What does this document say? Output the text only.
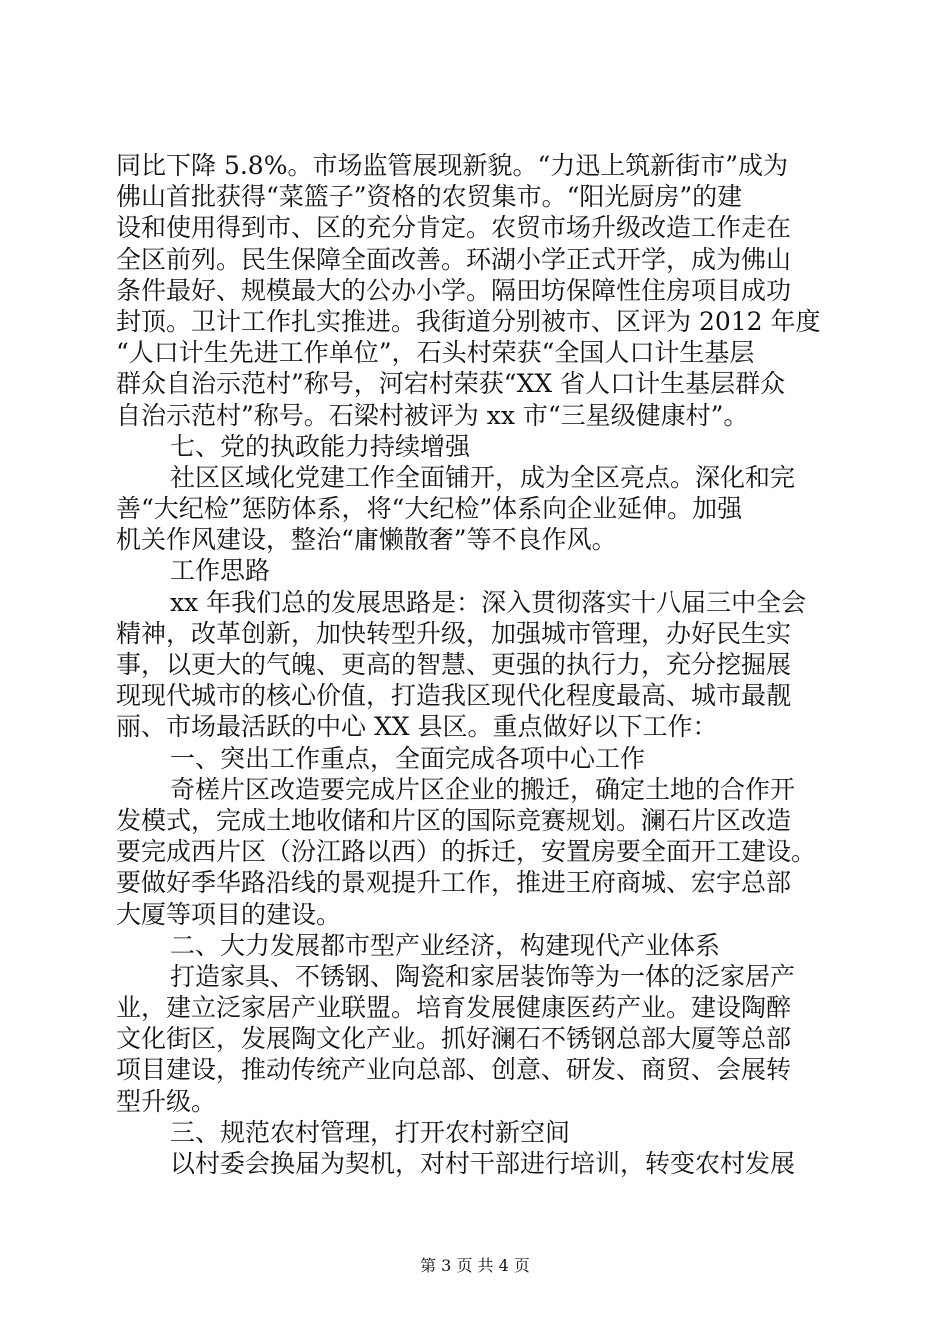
同比下降 5.8%。市场监管展现新貌。“力迅上筑新街市”成为
佛山首批获得“菜篮子”资格的农贸集市。“阳光厨房”的建
设和使用得到市、区的充分肯定。农贸市场升级改造工作走在
全区前列。民生保障全面改善。环湖小学正式开学，成为佛山
条件最好、规模最大的公办小学。隔田坊保障性住房项目成功
封顶。卫计工作扎实推进。我街道分别被市、区评为 2012 年度
“人口计生先进工作单位”，石头村荣获“全国人口计生基层
群众自治示范村”称号，河宕村荣获“XX 省人口计生基层群众
自治示范村”称号。石梁村被评为 xx 市“三星级健康村”。
七、党的执政能力持续增强
社区区域化党建工作全面铺开，成为全区亮点。深化和完
善“大纪检”惩防体系，将“大纪检”体系向企业延伸。加强
机关作风建设，整治“庸懒散奢”等不良作风。
工作思路
xx 年我们总的发展思路是：深入贯彻落实十八届三中全会
精神，改革创新，加快转型升级，加强城市管理，办好民生实
事，以更大的气魄、更高的智慧、更强的执行力，充分挖掘展
现现代城市的核心价值，打造我区现代化程度最高、城市最靓
丽、市场最活跃的中心 XX 县区。重点做好以下工作：
一、突出工作重点，全面完成各项中心工作
奇槎片区改造要完成片区企业的搬迁，确定土地的合作开
发模式，完成土地收储和片区的国际竞赛规划。澜石片区改造
要完成西片区（汾江路以西）的拆迁，安置房要全面开工建设。
要做好季华路沿线的景观提升工作，推进王府商城、宏宇总部
大厦等项目的建设。
二、大力发展都市型产业经济，构建现代产业体系
打造家具、不锈钢、陶瓷和家居装饰等为一体的泛家居产
业，建立泛家居产业联盟。培育发展健康医药产业。建设陶醉
文化街区，发展陶文化产业。抓好澜石不锈钢总部大厦等总部
项目建设，推动传统产业向总部、创意、研发、商贸、会展转
型升级。
三、规范农村管理，打开农村新空间
以村委会换届为契机，对村干部进行培训，转变农村发展
第 3 页 共 4 页
